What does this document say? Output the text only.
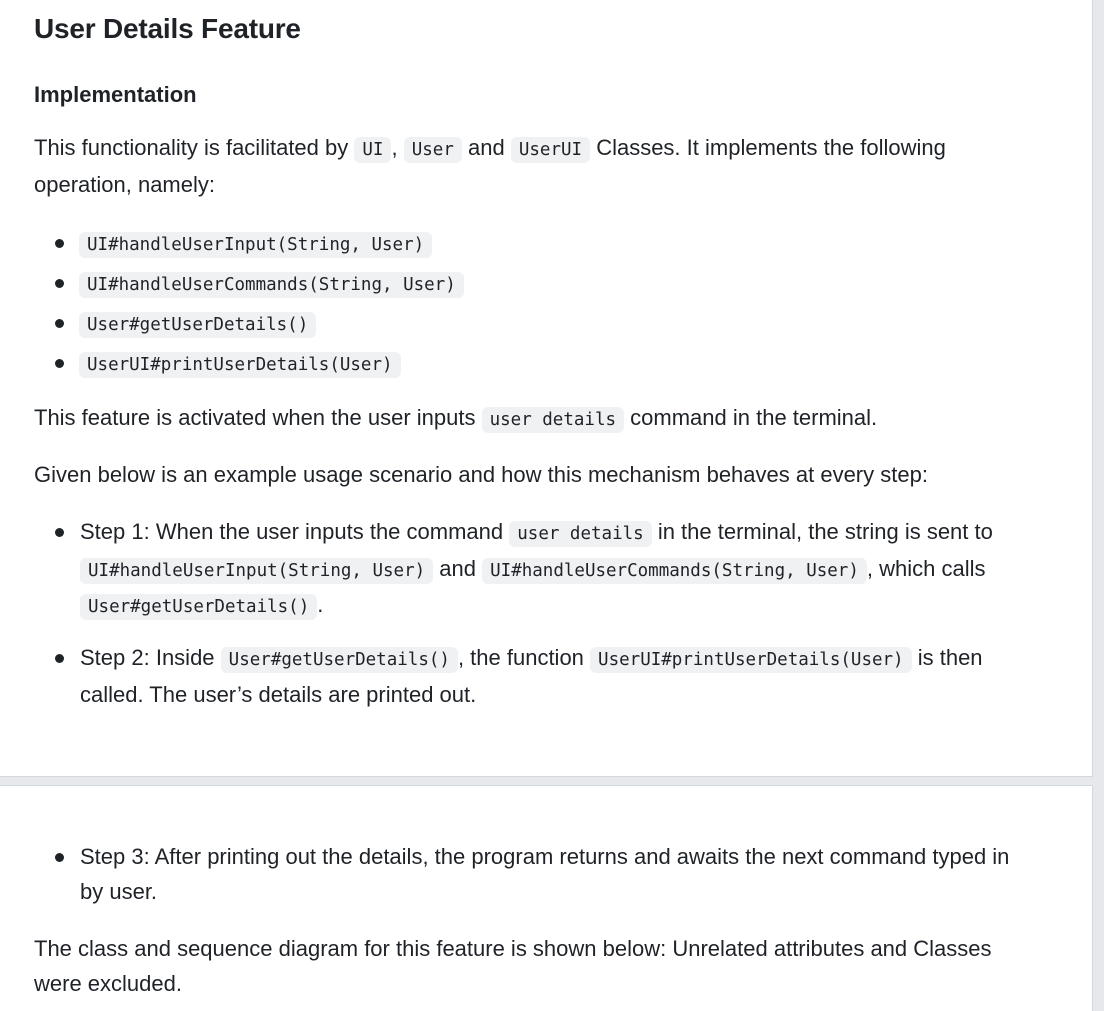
User Details Feature
Implementation

This functionality is facilitated by UI , User and UserUI Classes. It implements the following operation, namely:

UI#handleUserInput(String, User)
UI#handleUserCommands(String, User)
User#getUserDetails()
UserUI#printUserDetails(User)

This feature is activated when the user inputs user details command in the terminal.

Given below is an example usage scenario and how this mechanism behaves at every step:

Step 1: When the user inputs the command user details in the terminal, the string is sent to UI#handleUserInput(String, User) and UI#handleUserCommands(String, User) , which calls User#getUserDetails() .
Step 2: Inside User#getUserDetails() , the function UserUI#printUserDetails(User) is then called. The user’s details are printed out.
Step 3: After printing out the details, the program returns and awaits the next command typed in by user.

The class and sequence diagram for this feature is shown below: Unrelated attributes and Classes were excluded.
